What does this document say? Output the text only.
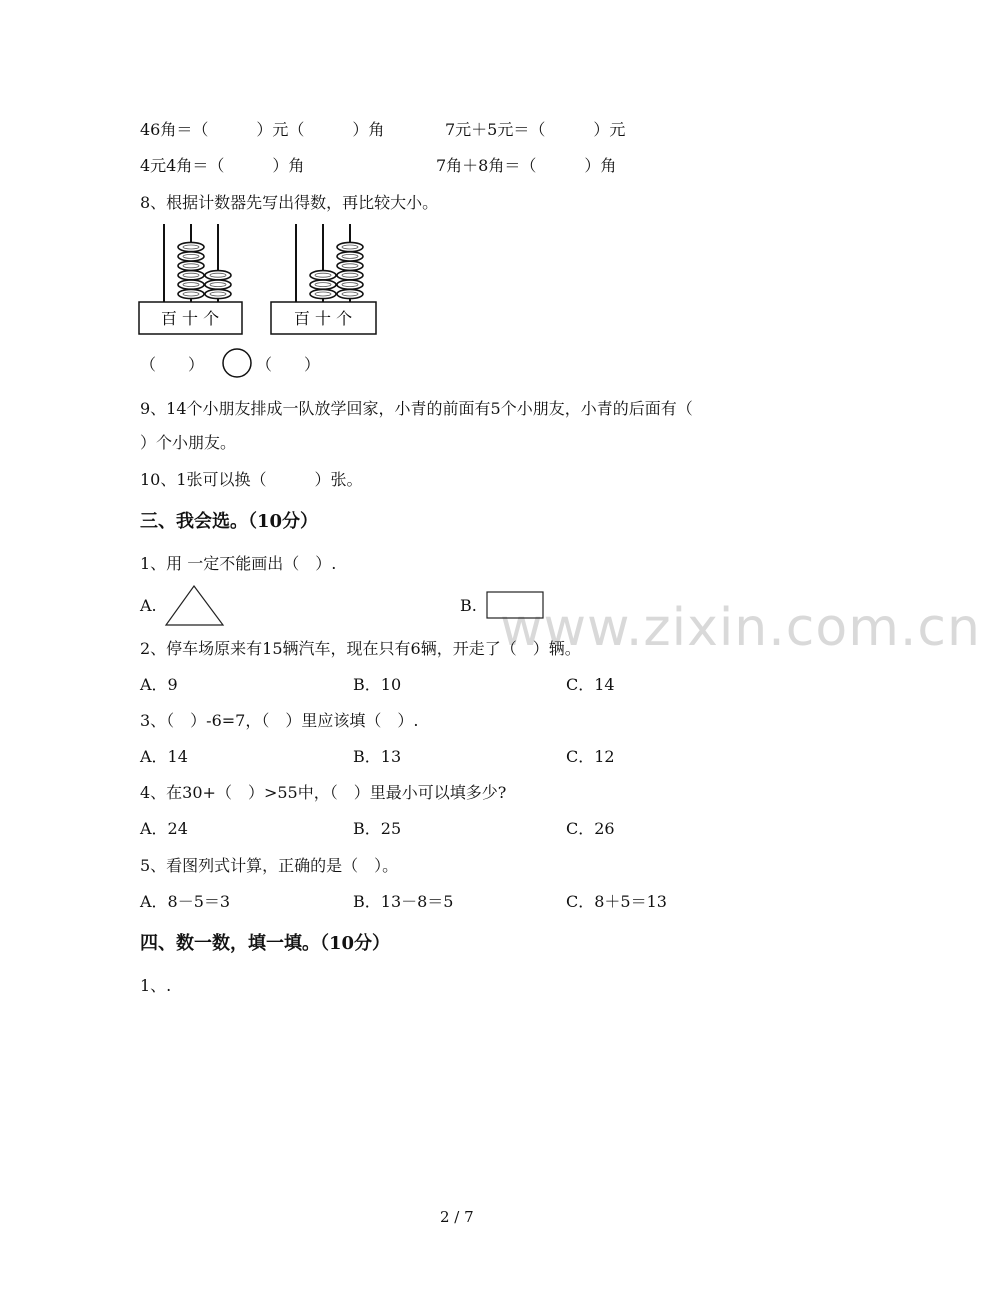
www.zixin.com.cn
46角＝（　　　）元（　　　）角	7元＋5元＝（　　　）元
4元4角＝（　　　）角	7角＋8角＝（　　　）角
8、根据计数器先写出得数，再比较大小。
百 十 个	百 十 个
（　　）	（　　）
9、14个小朋友排成一队放学回家，小青的前面有5个小朋友，小青的后面有（
）个小朋友。
10、1张可以换（　　　）张。
三、我会选。（10分）
1、用 一定不能画出（　）.
A.	B.
2、停车场原来有15辆汽车，现在只有6辆，开走了（　）辆。
A．9	B．10	C．14
3、（　）-6=7，（　）里应该填（　）.
A．14	B．13	C．12
4、在30+（　）>55中，（　）里最小可以填多少?
A．24	B．25	C．26
5、看图列式计算，正确的是（　）。
A．8－5＝3	B．13－8＝5	C．8＋5＝13
四、数一数，填一填。（10分）
1、.
2 / 7
